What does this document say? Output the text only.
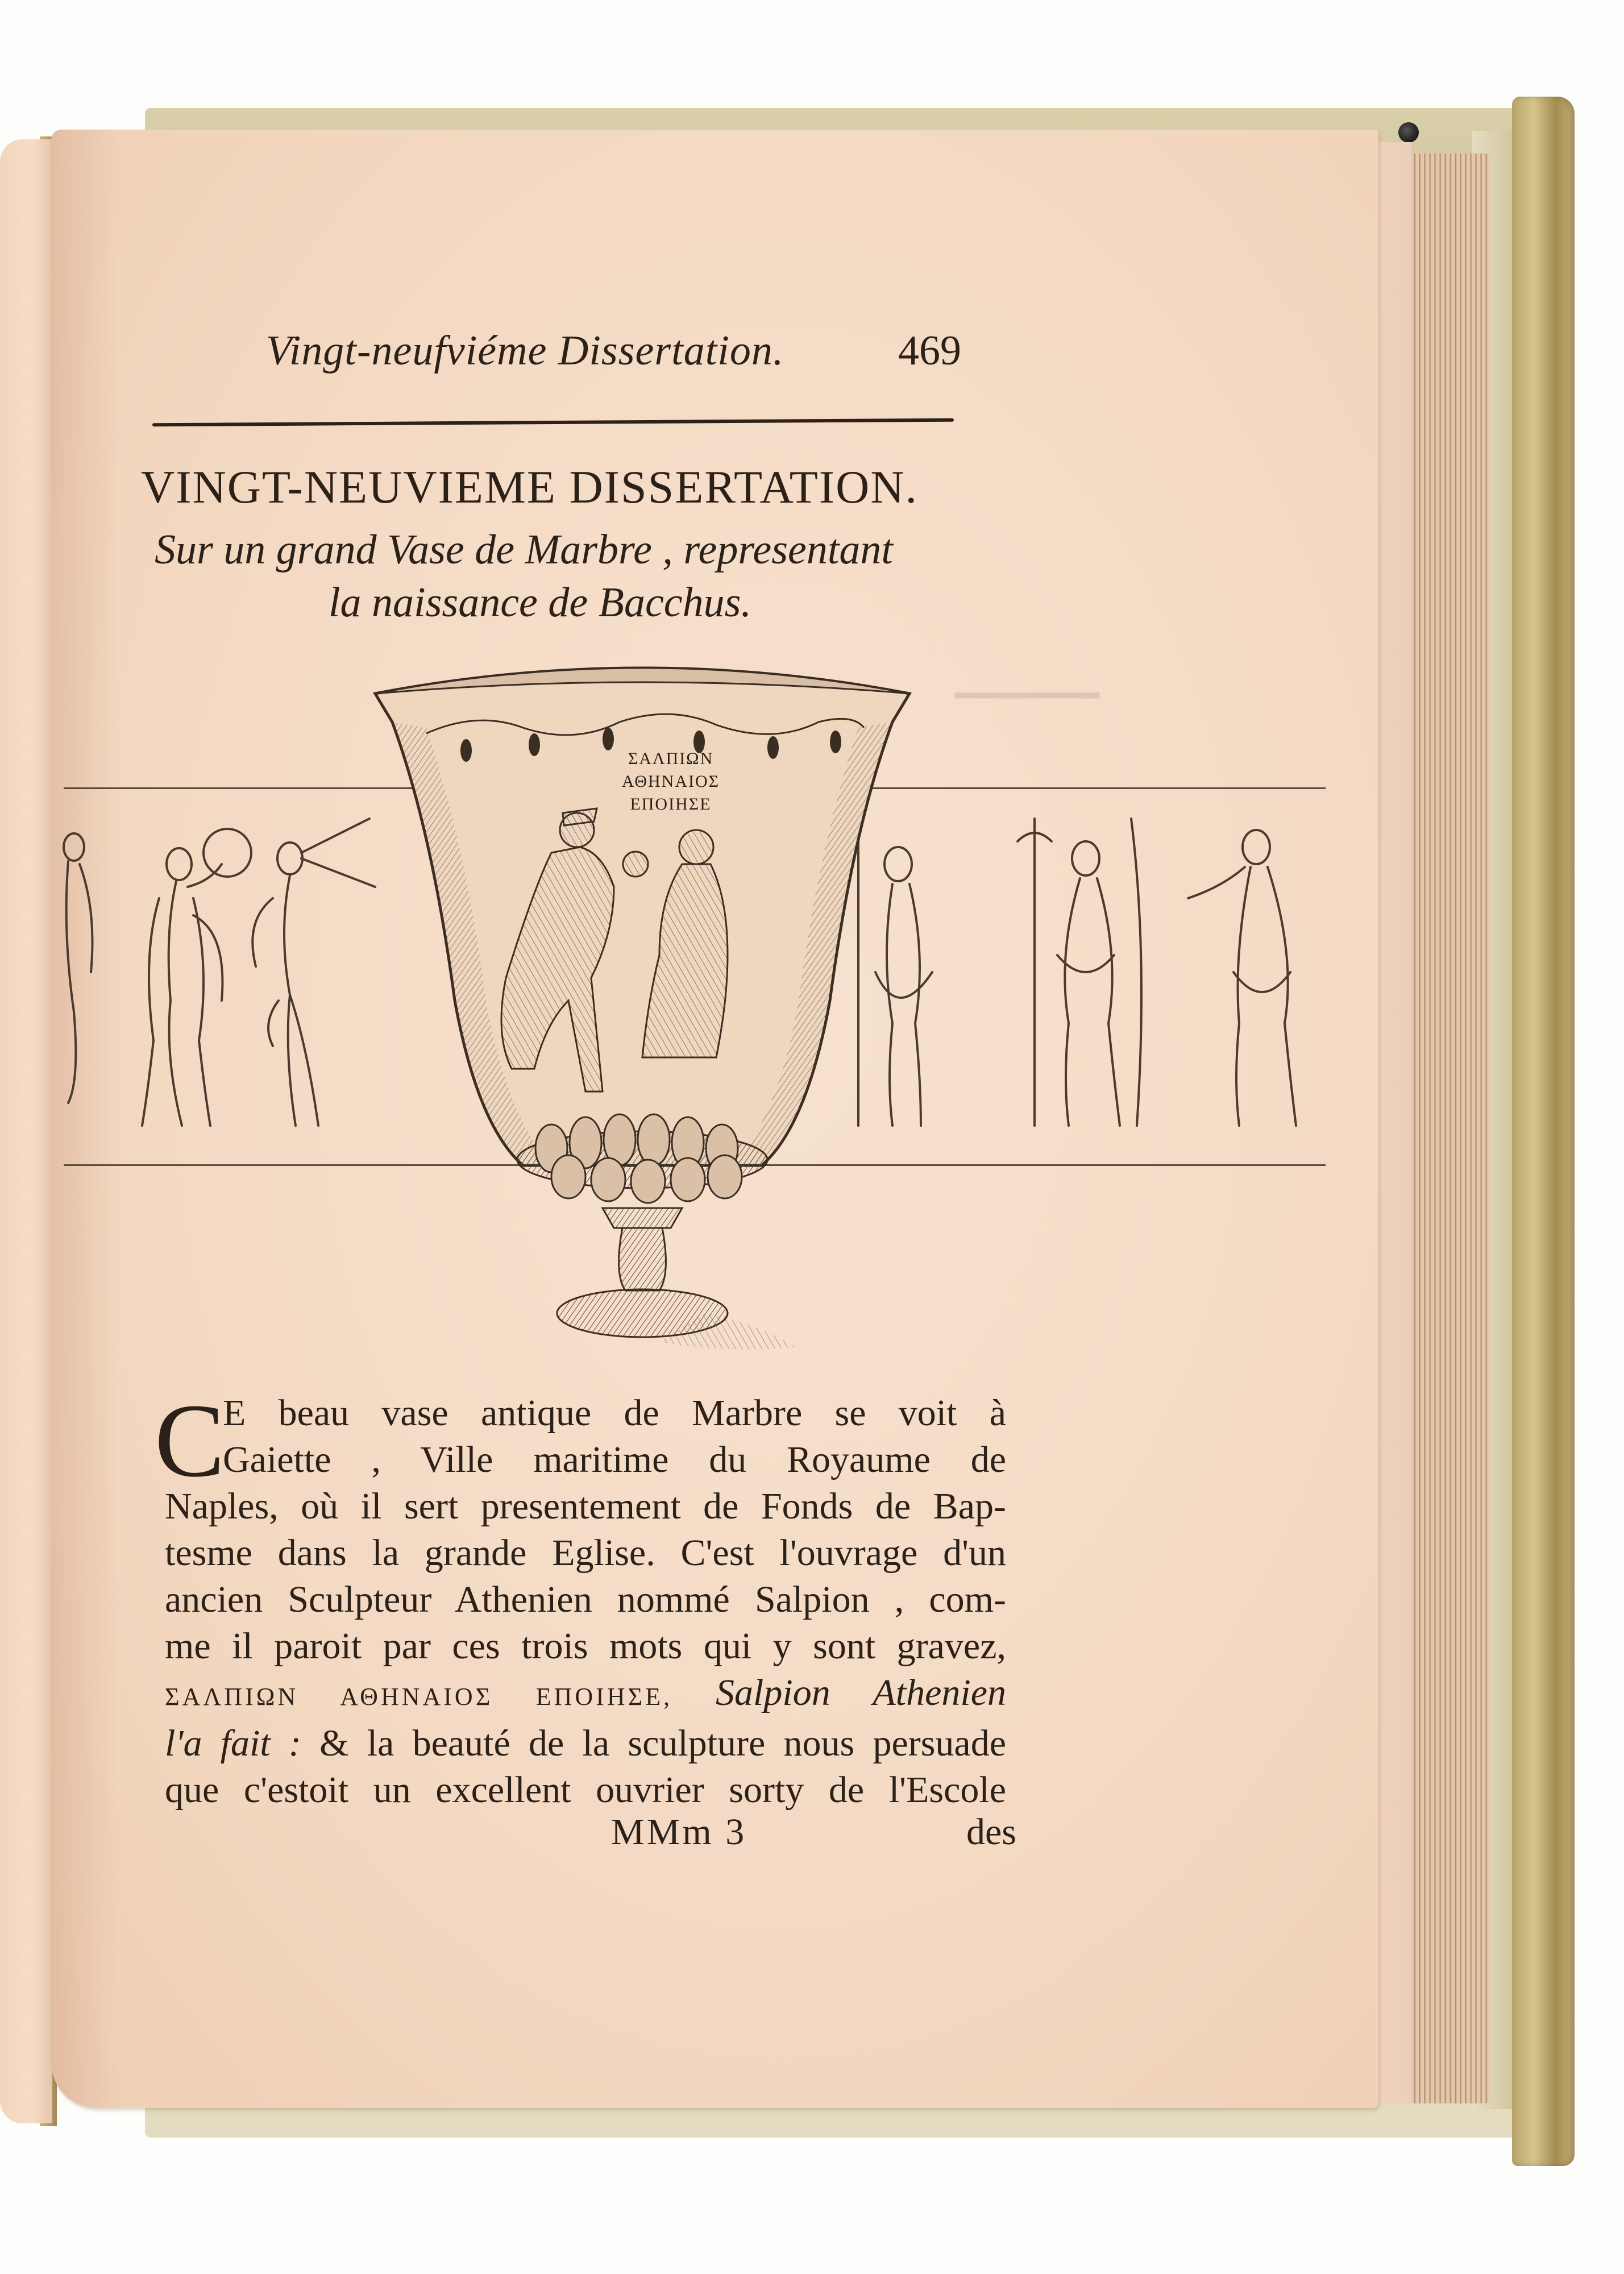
▁▁▁▁▁
Vingt-neufviéme Dissertation.	469
VINGT-NEUVIEME DISSERTATION.
Sur un grand Vase de Marbre , representant
la naissance de Bacchus.
ΣΑΛΠΙΩΝ
ΑΘΗΝΑΙΟΣ
ΕΠΟΙΗΣΕ
C
E beau vase antique de Marbre se voit à
Gaiette , Ville maritime du Royaume de
Naples, où il sert presentement de Fonds de Bap-
tesme dans la grande Eglise. C'est l'ouvrage d'un
ancien Sculpteur Athenien nommé Salpion , com-
me il paroit par ces trois mots qui y sont gravez,
ΣΑΛΠΙΩΝ ΑΘΗΝΑΙΟΣ ΕΠΟΙΗΣΕ, Salpion Athenien
l'a fait : & la beauté de la sculpture nous persuade
que c'estoit un excellent ouvrier sorty de l'Escole
MMm 3	des
